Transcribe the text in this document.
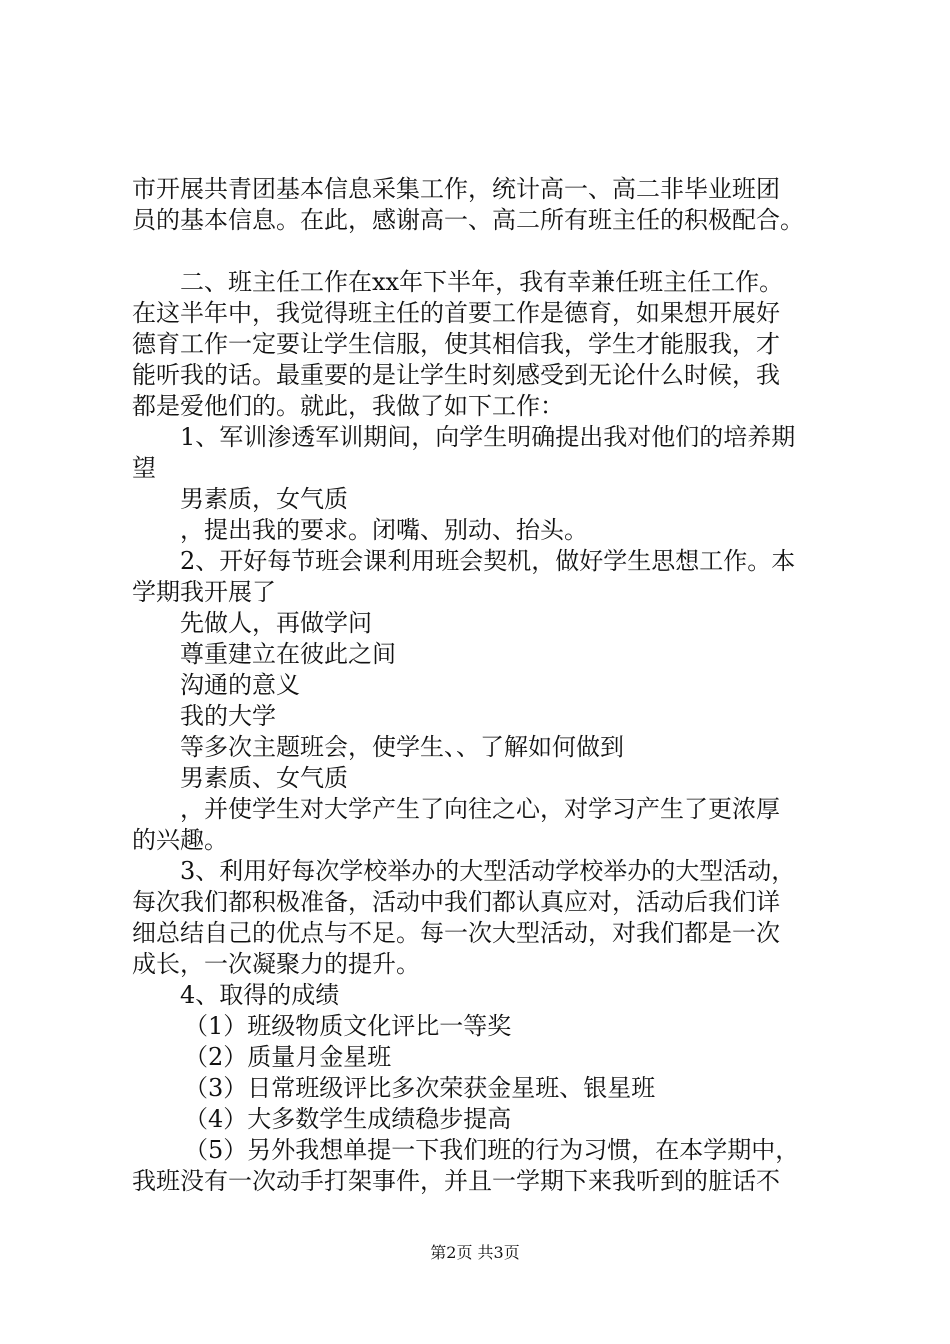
市开展共青团基本信息采集工作，统计高一、高二非毕业班团
员的基本信息。在此，感谢高一、高二所有班主任的积极配合。
二、班主任工作在xx年下半年，我有幸兼任班主任工作。
在这半年中，我觉得班主任的首要工作是德育，如果想开展好
德育工作一定要让学生信服，使其相信我，学生才能服我，才
能听我的话。最重要的是让学生时刻感受到无论什么时候，我
都是爱他们的。就此，我做了如下工作：
1、军训渗透军训期间，向学生明确提出我对他们的培养期
望
男素质，女气质
，提出我的要求。闭嘴、别动、抬头。
2、开好每节班会课利用班会契机，做好学生思想工作。本
学期我开展了
先做人，再做学问
尊重建立在彼此之间
沟通的意义
我的大学
等多次主题班会，使学生、、了解如何做到
男素质、女气质
，并使学生对大学产生了向往之心，对学习产生了更浓厚
的兴趣。
3、利用好每次学校举办的大型活动学校举办的大型活动，
每次我们都积极准备，活动中我们都认真应对，活动后我们详
细总结自己的优点与不足。每一次大型活动，对我们都是一次
成长，一次凝聚力的提升。
4、取得的成绩
（1）班级物质文化评比一等奖
（2）质量月金星班
（3）日常班级评比多次荣获金星班、银星班
（4）大多数学生成绩稳步提高
（5）另外我想单提一下我们班的行为习惯，在本学期中，
我班没有一次动手打架事件，并且一学期下来我听到的脏话不
第2页 共3页
